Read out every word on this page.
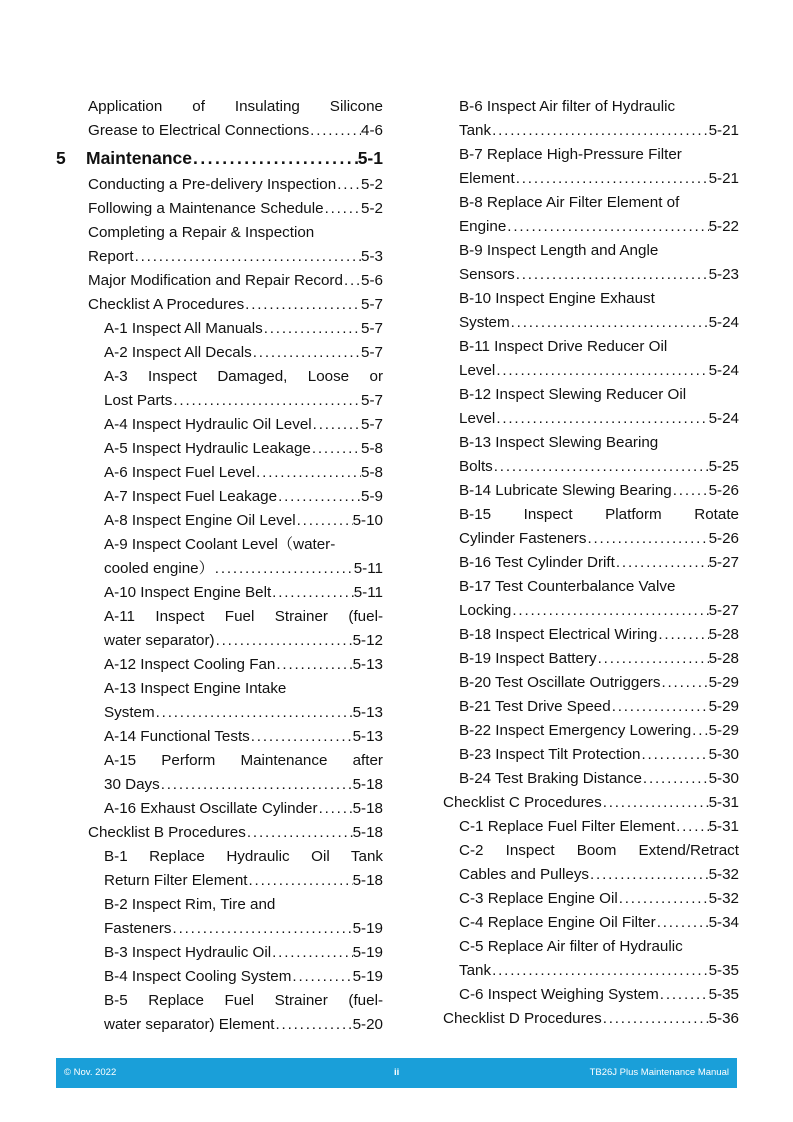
Application of Insulating Silicone
Grease to Electrical Connections . . .	4-6
5	Maintenance . . .	5-1
Conducting a Pre-delivery Inspection . . . 5-2
Following a Maintenance Schedule . . . 5-2
Completing a Repair & Inspection
Report . . .	5-3
Major Modification and Repair Record . . . 5-6
Checklist A Procedures . . .	5-7
A-1 Inspect All Manuals . . .	5-7
A-2 Inspect All Decals . . .	5-7
A-3 Inspect Damaged, Loose or
Lost Parts . . .	5-7
A-4 Inspect Hydraulic Oil Level . . .	5-7
A-5 Inspect Hydraulic Leakage . . .	5-8
A-6 Inspect Fuel Level . . .	5-8
A-7 Inspect Fuel Leakage . . .	5-9
A-8 Inspect Engine Oil Level . . .	5-10
A-9 Inspect Coolant Level（water-
cooled engine） . . .	5-11
A-10 Inspect Engine Belt . . .	5-11
A-11 Inspect Fuel Strainer (fuel-
water separator) . . .	5-12
A-12 Inspect Cooling Fan . . .	5-13
A-13 Inspect Engine Intake
System . . .	5-13
A-14 Functional Tests . . .	5-13
A-15 Perform Maintenance after
30 Days . . .	5-18
A-16 Exhaust Oscillate Cylinder . . . 5-18
Checklist B Procedures . . .	5-18
B-1 Replace Hydraulic Oil Tank
Return Filter Element . . .	5-18
B-2 Inspect Rim, Tire and
Fasteners . . .	5-19
B-3 Inspect Hydraulic Oil . . .	5-19
B-4 Inspect Cooling System . . .	5-19
B-5 Replace Fuel Strainer (fuel-
water separator) Element . . .	5-20
B-6 Inspect Air filter of Hydraulic
Tank . . .	5-21
B-7 Replace High-Pressure Filter
Element . . .	5-21
B-8 Replace Air Filter Element of
Engine . . .	5-22
B-9 Inspect Length and Angle
Sensors . . .	5-23
B-10 Inspect Engine Exhaust
System . . .	5-24
B-11 Inspect Drive Reducer Oil
Level . . .	5-24
B-12 Inspect Slewing Reducer Oil
Level . . .	5-24
B-13 Inspect Slewing Bearing
Bolts . . .	5-25
B-14 Lubricate Slewing Bearing . . . 5-26
B-15 Inspect Platform Rotate
Cylinder Fasteners . . .	5-26
B-16 Test Cylinder Drift . . .	5-27
B-17 Test Counterbalance Valve
Locking . . .	5-27
B-18 Inspect Electrical Wiring . . .	5-28
B-19 Inspect Battery . . .	5-28
B-20 Test Oscillate Outriggers . . .	5-29
B-21 Test Drive Speed . . .	5-29
B-22 Inspect Emergency Lowering . . . 5-29
B-23 Inspect Tilt Protection . . .	5-30
B-24 Test Braking Distance . . .	5-30
Checklist C Procedures . . .	5-31
C-1 Replace Fuel Filter Element . . . 5-31
C-2 Inspect Boom Extend/Retract
Cables and Pulleys . . .	5-32
C-3 Replace Engine Oil . . .	5-32
C-4 Replace Engine Oil Filter . . .	5-34
C-5 Replace Air filter of Hydraulic
Tank . . .	5-35
C-6 Inspect Weighing System . . .	5-35
Checklist D Procedures . . .	5-36
© Nov. 2022	ii	TB26J Plus Maintenance Manual
